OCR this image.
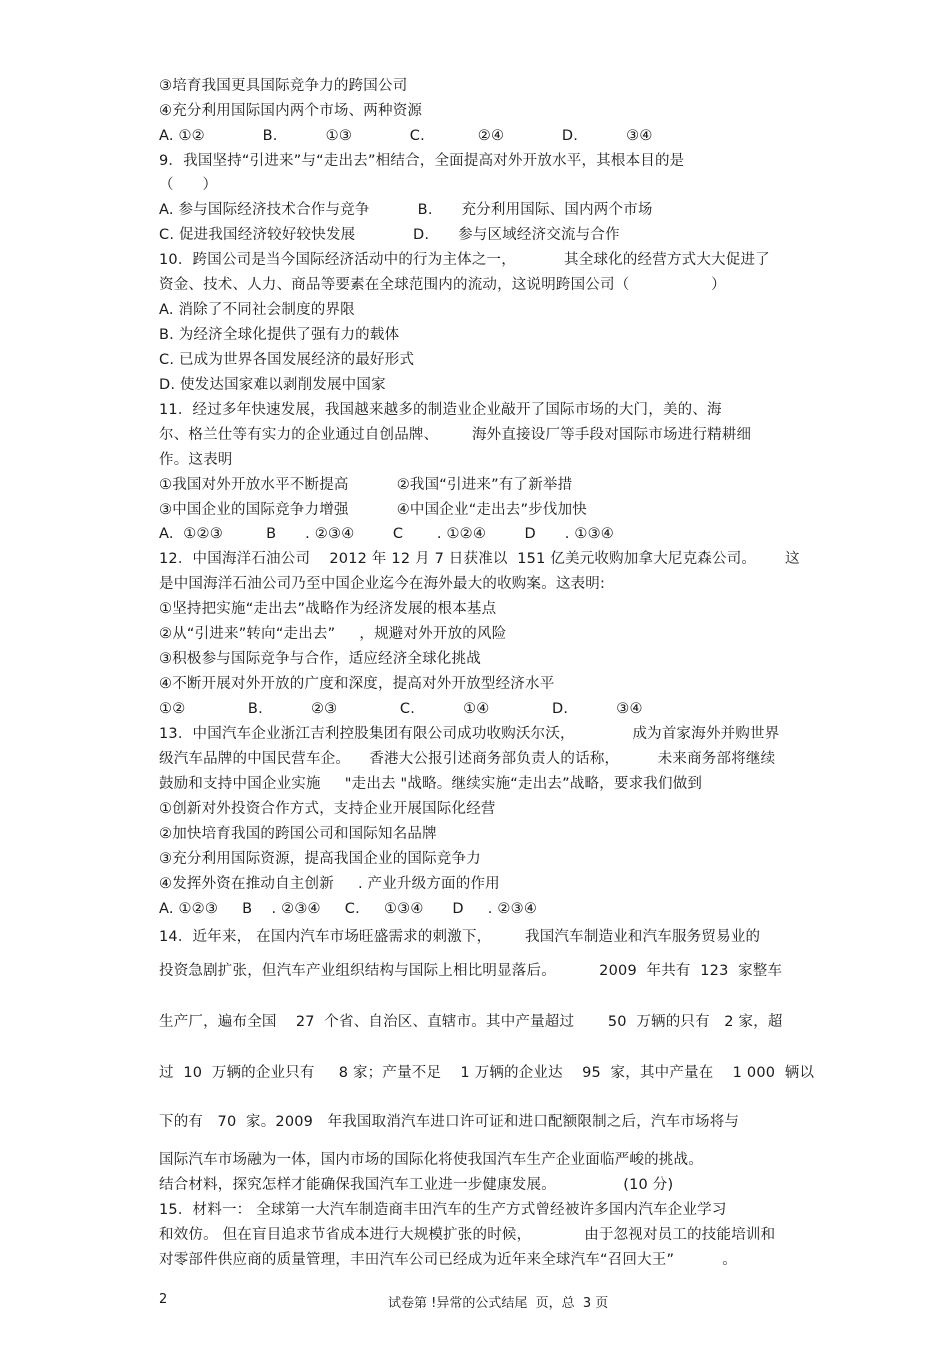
③培育我国更具国际竞争力的跨国公司
④充分利用国际国内两个市场、两种资源
A. ①②            B.          ①③            C.           ②④            D.          ③④
9．我国坚持“引进来”与“走出去”相结合，全面提高对外开放水平，其根本目的是
（      ）
A. 参与国际经济技术合作与竞争          B.      充分利用国际、国内两个市场
C. 促进我国经济较好较快发展            D.      参与区域经济交流与合作
10．跨国公司是当今国际经济活动中的行为主体之一，          其全球化的经营方式大大促进了
资金、技术、人力、商品等要素在全球范围内的流动，这说明跨国公司（                 ）
A. 消除了不同社会制度的界限
B. 为经济全球化提供了强有力的载体
C. 已成为世界各国发展经济的最好形式
D. 使发达国家难以剥削发展中国家
11．经过多年快速发展，我国越来越多的制造业企业敲开了国际市场的大门，美的、海
尔、格兰仕等有实力的企业通过自创品牌、       海外直接设厂等手段对国际市场进行精耕细
作。这表明
①我国对外开放水平不断提高          ②我国“引进来”有了新举措
③中国企业的国际竞争力增强          ④中国企业“走出去”步伐加快
A.  ①②③         B      . ②③④        C       . ①②④        D      . ①③④
12．中国海洋石油公司    2012 年 12 月 7 日获准以  151 亿美元收购加拿大尼克森公司。      这
是中国海洋石油公司乃至中国企业迄今在海外最大的收购案。这表明:
①坚持把实施“走出去”战略作为经济发展的根本基点
②从“引进来”转向“走出去”     ，规避对外开放的风险
③积极参与国际竞争与合作，适应经济全球化挑战
④不断开展对外开放的广度和深度，提高对外开放型经济水平
①②             B.          ②③             C.          ①④             D.          ③④
13．中国汽车企业浙江吉利控股集团有限公司成功收购沃尔沃，            成为首家海外并购世界
级汽车品牌的中国民营车企。    香港大公报引述商务部负责人的话称，        未来商务部将继续
鼓励和支持中国企业实施     "走出去 "战略。继续实施“走出去”战略，要求我们做到
①创新对外投资合作方式，支持企业开展国际化经营
②加快培育我国的跨国公司和国际知名品牌
③充分利用国际资源，提高我国企业的国际竞争力
④发挥外资在推动自主创新     . 产业升级方面的作用
A. ①②③     B    . ②③④     C.     ①③④      D     . ②③④
14．近年来， 在国内汽车市场旺盛需求的刺激下，       我国汽车制造业和汽车服务贸易业的
投资急剧扩张，但汽车产业组织结构与国际上相比明显落后。         2009  年共有  123  家整车
生产厂，遍布全国    27  个省、自治区、直辖市。其中产量超过       50  万辆的只有   2 家，超
过  10  万辆的企业只有     8 家；产量不足    1 万辆的企业达    95  家，其中产量在    1 000  辆以
下的有   70  家。2009   年我国取消汽车进口许可证和进口配额限制之后，汽车市场将与
国际汽车市场融为一体，国内市场的国际化将使我国汽车生产企业面临严峻的挑战。
结合材料，探究怎样才能确保我国汽车工业进一步健康发展。              (10 分)
15．材料一： 全球第一大汽车制造商丰田汽车的生产方式曾经被许多国内汽车企业学习
和效仿。 但在盲目追求节省成本进行大规模扩张的时候，           由于忽视对员工的技能培训和
对零部件供应商的质量管理，丰田汽车公司已经成为近年来全球汽车“召回大王”          。
2	试卷第 !异常的公式结尾  页，总  3 页
